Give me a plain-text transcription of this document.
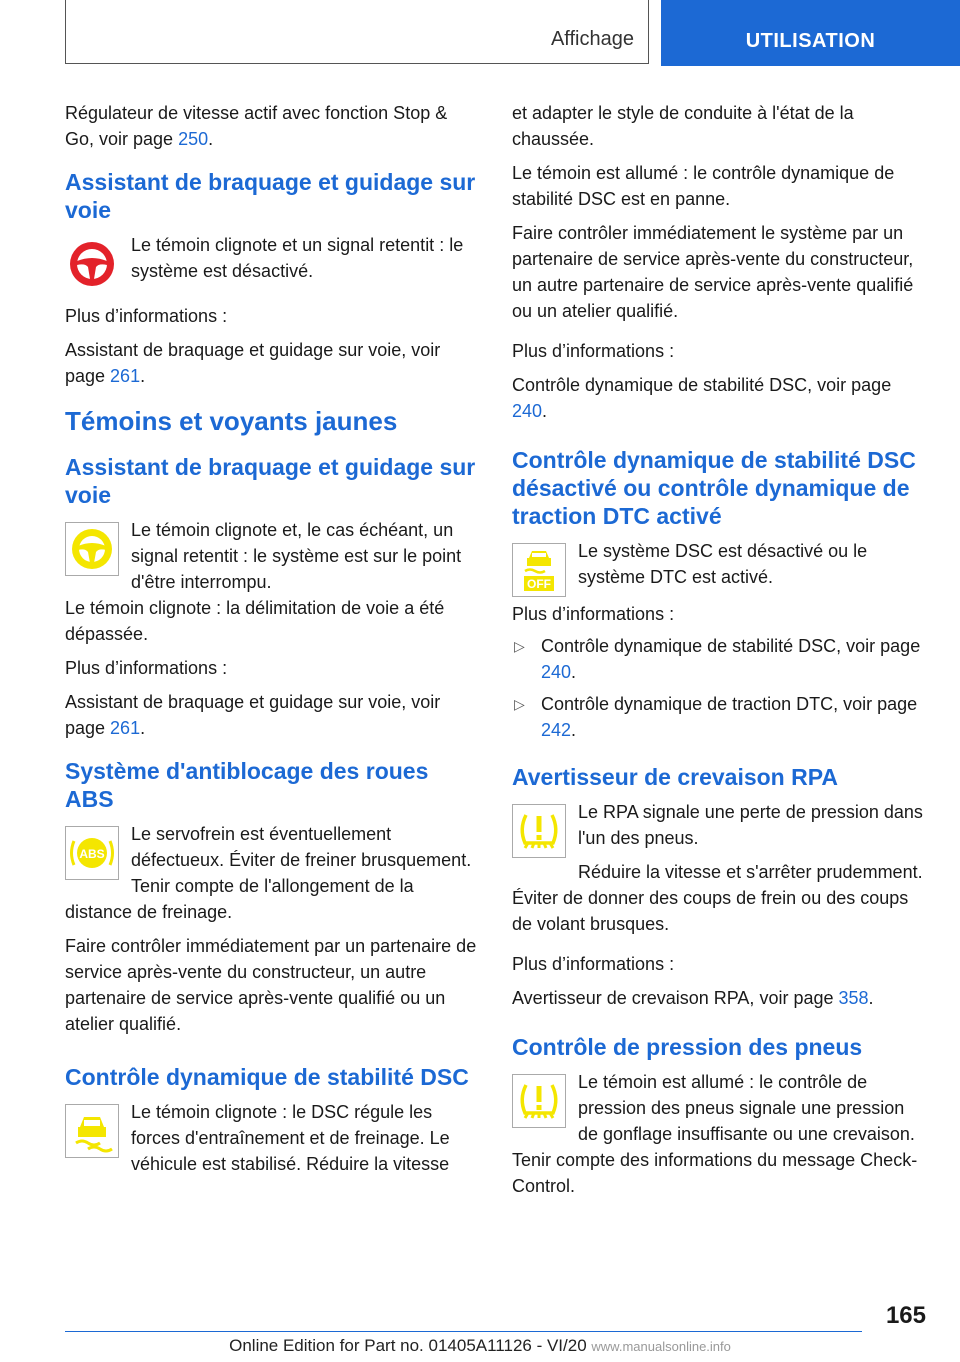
Affichage	UTILISATION

Régulateur de vitesse actif avec fonction Stop & Go, voir page 250.

Assistant de braquage et guidage sur voie

Le témoin clignote et un signal retentit : le système est désactivé.

Plus d’informations :

Assistant de braquage et guidage sur voie, voir page 261.

Témoins et voyants jaunes
Assistant de braquage et guidage sur voie

Le témoin clignote et, le cas échéant, un signal retentit : le système est sur le point d'être interrompu.

Le témoin clignote : la délimitation de voie a été dépassée.

Plus d’informations :

Assistant de braquage et guidage sur voie, voir page 261.

Système d'antiblocage des roues ABS
ABS

Le servofrein est éventuellement défectueux. Éviter de freiner brusquement. Tenir compte de l'allongement de la distance de freinage.

Faire contrôler immédiatement par un partenaire de service après-vente du constructeur, un autre partenaire de service après-vente qualifié ou un atelier qualifié.

Contrôle dynamique de stabilité DSC

Le témoin clignote : le DSC régule les forces d'entraînement et de freinage. Le véhicule est stabilisé. Réduire la vitesse

et adapter le style de conduite à l'état de la chaussée.

Le témoin est allumé : le contrôle dynamique de stabilité DSC est en panne.

Faire contrôler immédiatement le système par un partenaire de service après-vente du constructeur, un autre partenaire de service après-vente qualifié ou un atelier qualifié.

Plus d’informations :

Contrôle dynamique de stabilité DSC, voir page 240.

Contrôle dynamique de stabilité DSC désactivé ou contrôle dynamique de traction DTC activé
OFF

Le système DSC est désactivé ou le système DTC est activé.

Plus d’informations :

▷ Contrôle dynamique de stabilité DSC, voir page 240.
▷ Contrôle dynamique de traction DTC, voir page 242.
Avertisseur de crevaison RPA

Le RPA signale une perte de pression dans l'un des pneus.

Réduire la vitesse et s'arrêter prudemment. Éviter de donner des coups de frein ou des coups de volant brusques.

Plus d’informations :

Avertisseur de crevaison RPA, voir page 358.

Contrôle de pression des pneus

Le témoin est allumé : le contrôle de pression des pneus signale une pression de gonflage insuffisante ou une crevaison. Tenir compte des informations du message Check-Control.

165
Online Edition for Part no. 01405A11126 - VI/20 www.manualsonline.info
